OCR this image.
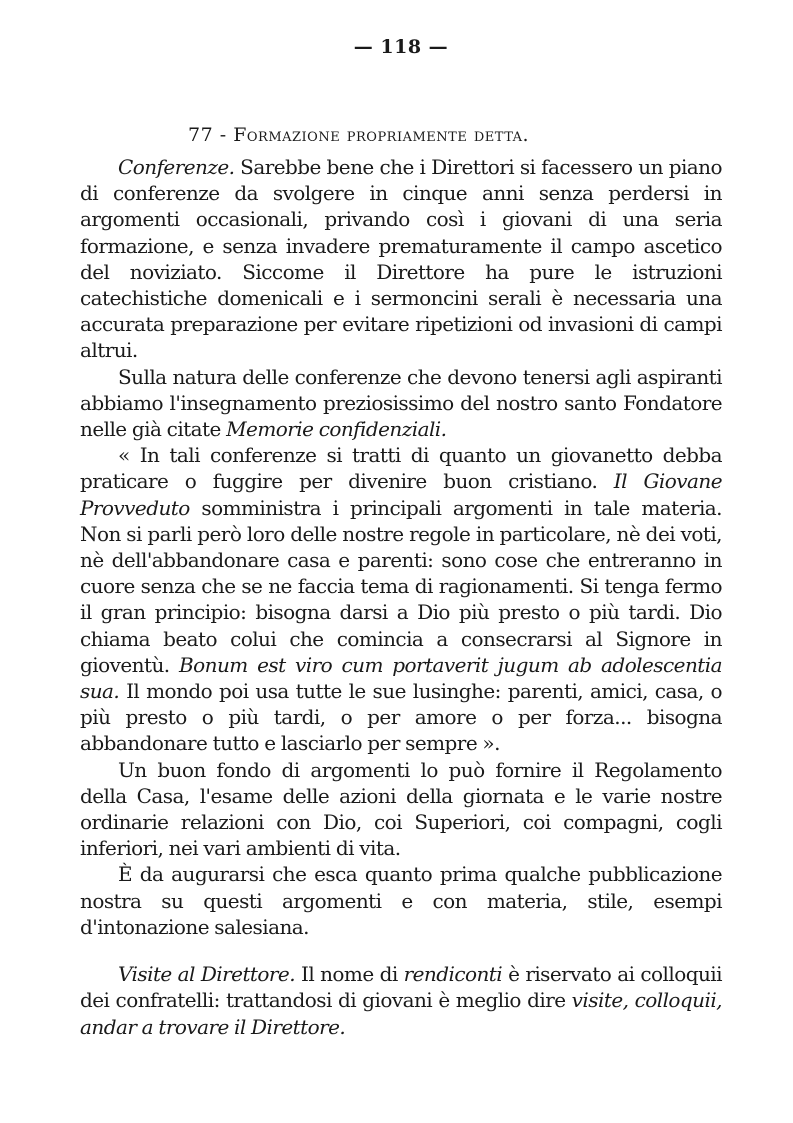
— 118 —
77 - Formazione propriamente detta.

Conferenze. Sarebbe bene che i Direttori si facessero un piano di conferenze da svolgere in cinque anni senza perdersi in argomenti occasionali, privando così i giovani di una seria formazione, e senza invadere prematuramente il campo ascetico del noviziato. Siccome il Direttore ha pure le istruzioni catechistiche domenicali e i sermoncini serali è necessaria una accurata preparazione per evitare ripetizioni od invasioni di campi altrui.

Sulla natura delle conferenze che devono tenersi agli aspiranti abbiamo l'insegnamento preziosissimo del nostro santo Fondatore nelle già citate Memorie confidenziali.

« In tali conferenze si tratti di quanto un giovanetto debba praticare o fuggire per divenire buon cristiano. Il Giovane Provveduto somministra i principali argomenti in tale materia. Non si parli però loro delle nostre regole in particolare, nè dei voti, nè dell'abbandonare casa e parenti: sono cose che entreranno in cuore senza che se ne faccia tema di ragionamenti. Si tenga fermo il gran principio: bisogna darsi a Dio più presto o più tardi. Dio chiama beato colui che comincia a consecrarsi al Signore in gioventù. Bonum est viro cum portaverit jugum ab adolescentia sua. Il mondo poi usa tutte le sue lusinghe: parenti, amici, casa, o più presto o più tardi, o per amore o per forza... bisogna abbandonare tutto e lasciarlo per sempre ».

Un buon fondo di argomenti lo può fornire il Regolamento della Casa, l'esame delle azioni della giornata e le varie nostre ordinarie relazioni con Dio, coi Superiori, coi compagni, cogli inferiori, nei vari ambienti di vita.

È da augurarsi che esca quanto prima qualche pubblicazione nostra su questi argomenti e con materia, stile, esempi d'intonazione salesiana.

Visite al Direttore. Il nome di rendiconti è riservato ai colloquii dei confratelli: trattandosi di giovani è meglio dire visite, colloquii, andar a trovare il Direttore.
